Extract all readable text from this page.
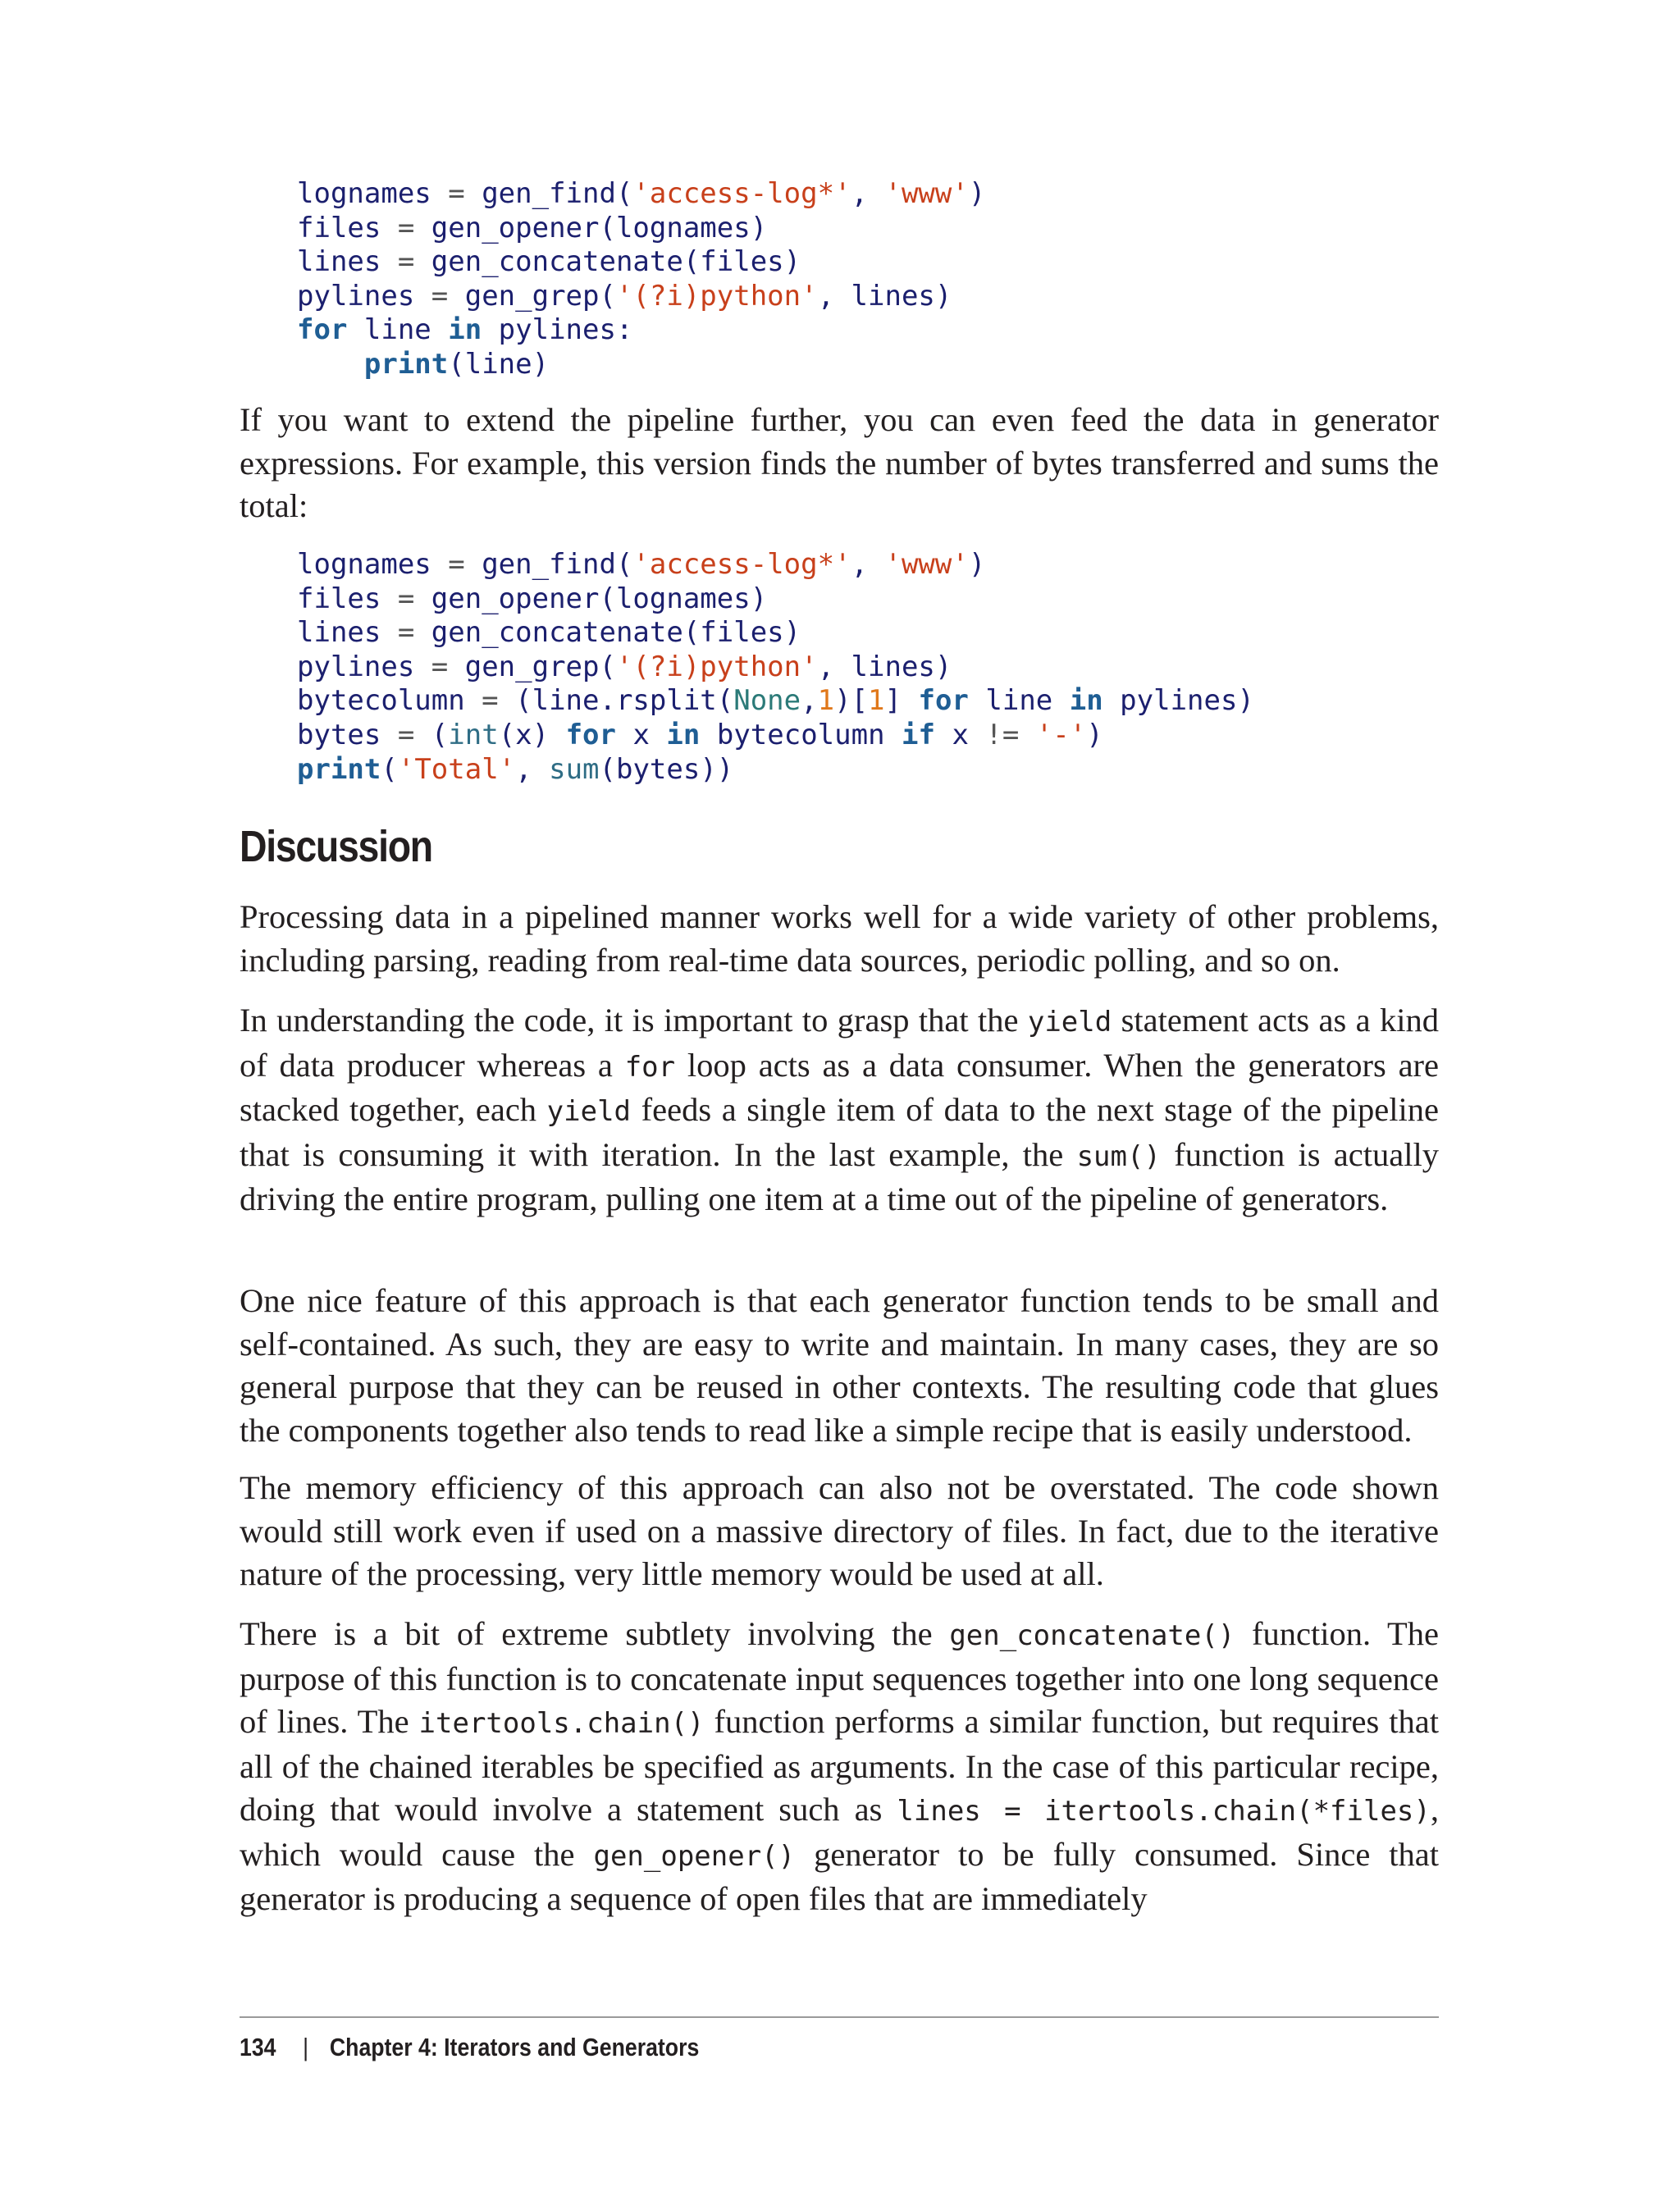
lognames = gen_find('access-log*', 'www')
files = gen_opener(lognames)
lines = gen_concatenate(files)
pylines = gen_grep('(?i)python', lines)
for line in pylines:
print(line)

If you want to extend the pipeline further, you can even feed the data in generator expressions. For example, this version finds the number of bytes transferred and sums the total:

lognames = gen_find('access-log*', 'www')
files = gen_opener(lognames)
lines = gen_concatenate(files)
pylines = gen_grep('(?i)python', lines)
bytecolumn = (line.rsplit(None,1)[1] for line in pylines)
bytes = (int(x) for x in bytecolumn if x != '-')
print('Total', sum(bytes))
Discussion

Processing data in a pipelined manner works well for a wide variety of other problems, including parsing, reading from real-time data sources, periodic polling, and so on.

In understanding the code, it is important to grasp that the yield statement acts as a kind of data producer whereas a for loop acts as a data consumer. When the generators are stacked together, each yield feeds a single item of data to the next stage of the pipeline that is consuming it with iteration. In the last example, the sum() function is actually driving the entire program, pulling one item at a time out of the pipeline of generators.

One nice feature of this approach is that each generator function tends to be small and self-contained. As such, they are easy to write and maintain. In many cases, they are so general purpose that they can be reused in other contexts. The resulting code that glues the components together also tends to read like a simple recipe that is easily understood.

The memory efficiency of this approach can also not be overstated. The code shown would still work even if used on a massive directory of files. In fact, due to the iterative nature of the processing, very little memory would be used at all.

There is a bit of extreme subtlety involving the gen_concatenate() function. The purpose of this function is to concatenate input sequences together into one long sequence of lines. The itertools.chain() function performs a similar function, but requires that all of the chained iterables be specified as arguments. In the case of this particular recipe, doing that would involve a statement such as lines = itertools.chain(*files), which would cause the gen_opener() generator to be fully consumed. Since that generator is producing a sequence of open files that are immediately

134 | Chapter 4: Iterators and Generators
